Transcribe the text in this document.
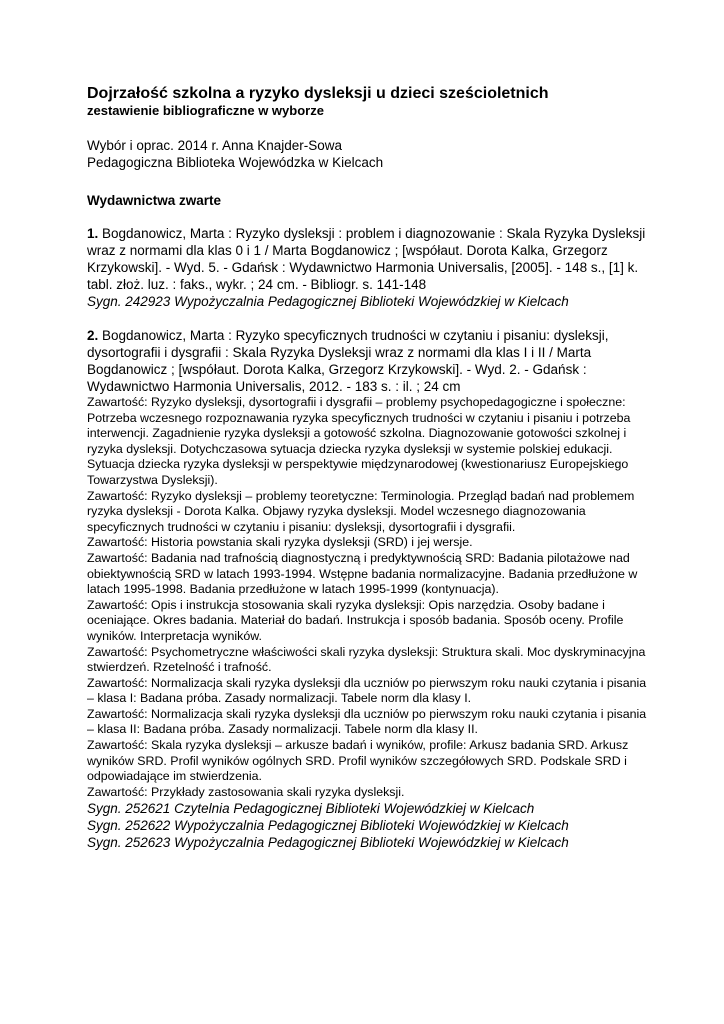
Dojrzałość szkolna a ryzyko dysleksji u dzieci sześcioletnich
zestawienie bibliograficzne w wyborze

Wybór i oprac. 2014 r. Anna Knajder-Sowa

Pedagogiczna Biblioteka Wojewódzka w Kielcach

Wydawnictwa zwarte

1. Bogdanowicz, Marta : Ryzyko dysleksji : problem i diagnozowanie : Skala Ryzyka Dysleksji wraz z normami dla klas 0 i 1 / Marta Bogdanowicz ; [współaut. Dorota Kalka, Grzegorz Krzykowski]. - Wyd. 5. - Gdańsk : Wydawnictwo Harmonia Universalis, [2005]. - 148 s., [1] k. tabl. złoż. luz. : faks., wykr. ; 24 cm. - Bibliogr. s. 141-148

Sygn. 242923 Wypożyczalnia Pedagogicznej Biblioteki Wojewódzkiej w Kielcach

2. Bogdanowicz, Marta : Ryzyko specyficznych trudności w czytaniu i pisaniu: dysleksji, dysortografii i dysgrafii : Skala Ryzyka Dysleksji wraz z normami dla klas I i II / Marta Bogdanowicz ; [współaut. Dorota Kalka, Grzegorz Krzykowski]. - Wyd. 2. - Gdańsk : Wydawnictwo Harmonia Universalis, 2012. - 183 s. : il. ; 24 cm

Zawartość: Ryzyko dysleksji, dysortografii i dysgrafii – problemy psychopedagogiczne i społeczne: Potrzeba wczesnego rozpoznawania ryzyka specyficznych trudności w czytaniu i pisaniu i potrzeba interwencji. Zagadnienie ryzyka dysleksji a gotowość szkolna. Diagnozowanie gotowości szkolnej i ryzyka dysleksji. Dotychczasowa sytuacja dziecka ryzyka dysleksji w systemie polskiej edukacji. Sytuacja dziecka ryzyka dysleksji w perspektywie międzynarodowej (kwestionariusz Europejskiego Towarzystwa Dysleksji).

Zawartość: Ryzyko dysleksji – problemy teoretyczne: Terminologia. Przegląd badań nad problemem ryzyka dysleksji - Dorota Kalka. Objawy ryzyka dysleksji. Model wczesnego diagnozowania specyficznych trudności w czytaniu i pisaniu: dysleksji, dysortografii i dysgrafii.

Zawartość: Historia powstania skali ryzyka dysleksji (SRD) i jej wersje.

Zawartość: Badania nad trafnością diagnostyczną i predyktywnością SRD: Badania pilotażowe nad obiektywnością SRD w latach 1993-1994. Wstępne badania normalizacyjne. Badania przedłużone w latach 1995-1998. Badania przedłużone w latach 1995-1999 (kontynuacja).

Zawartość: Opis i instrukcja stosowania skali ryzyka dysleksji: Opis narzędzia. Osoby badane i oceniające. Okres badania. Materiał do badań. Instrukcja i sposób badania. Sposób oceny. Profile wyników. Interpretacja wyników.

Zawartość: Psychometryczne właściwości skali ryzyka dysleksji: Struktura skali. Moc dyskryminacyjna stwierdzeń. Rzetelność i trafność.

Zawartość: Normalizacja skali ryzyka dysleksji dla uczniów po pierwszym roku nauki czytania i pisania – klasa I: Badana próba. Zasady normalizacji. Tabele norm dla klasy I.

Zawartość: Normalizacja skali ryzyka dysleksji dla uczniów po pierwszym roku nauki czytania i pisania – klasa II: Badana próba. Zasady normalizacji. Tabele norm dla klasy II.

Zawartość: Skala ryzyka dysleksji – arkusze badań i wyników, profile: Arkusz badania SRD. Arkusz wyników SRD. Profil wyników ogólnych SRD. Profil wyników szczegółowych SRD. Podskale SRD i odpowiadające im stwierdzenia.

Zawartość: Przykłady zastosowania skali ryzyka dysleksji.

Sygn. 252621 Czytelnia Pedagogicznej Biblioteki Wojewódzkiej w Kielcach

Sygn. 252622 Wypożyczalnia Pedagogicznej Biblioteki Wojewódzkiej w Kielcach

Sygn. 252623 Wypożyczalnia Pedagogicznej Biblioteki Wojewódzkiej w Kielcach
